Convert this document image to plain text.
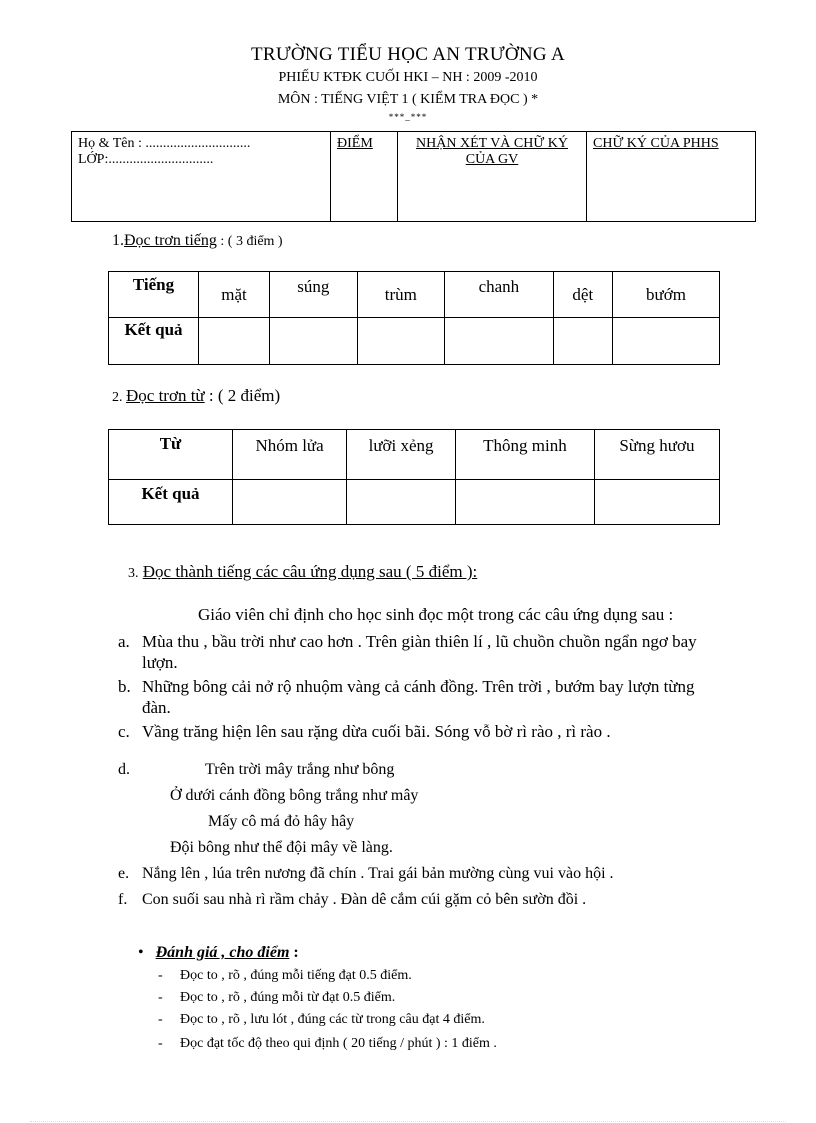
TRƯỜNG TIỂU HỌC AN TRƯỜNG A
PHIẾU KTĐK CUỐI HKI – NH : 2009 -2010
MÔN : TIẾNG VIỆT 1 ( KIỂM TRA ĐỌC ) *
***_***
Họ & Tên : ..............................
LỚP:..............................
	ĐIỂM	NHẬN XÉT VÀ CHỮ KÝ CỦA GV	CHỮ KÝ CỦA PHHS
1.Đọc trơn tiếng : ( 3 điểm )
Tiếng	mặt	súng	trùm	chanh	dệt	bướm
Kết quả						
2. Đọc trơn từ : ( 2 điểm)
Từ	Nhóm lửa	lưỡi xẻng	Thông minh	Sừng hươu
Kết quả				
3. Đọc thành tiếng các câu ứng dụng sau ( 5 điểm ):
Giáo viên chỉ định cho học sinh đọc một trong các câu ứng dụng sau :
a. Mùa thu , bầu trời như cao hơn . Trên giàn thiên lí , lũ chuồn chuồn ngẩn ngơ bay
lượn.
b. Những bông cải nở rộ nhuộm vàng cả cánh đồng. Trên trời , bướm bay lượn từng
đàn.
c. Vầng trăng hiện lên sau rặng dừa cuối bãi. Sóng vỗ bờ rì rào , rì rào .
d.	Trên trời mây trắng như bông
Ở dưới cánh đồng bông trắng như mây
Mấy cô má đỏ hây hây
Đội bông như thể đội mây về làng.
e. Nắng lên , lúa trên nương đã chín . Trai gái bản mường cùng vui vào hội .
f. Con suối sau nhà rì rầm chảy . Đàn dê cắm cúi gặm cỏ bên sườn đồi .
• Đánh giá , cho điểm :
- Đọc to , rõ , đúng mỗi tiếng đạt 0.5 điểm.
- Đọc to , rõ , đúng mỗi từ đạt 0.5 điểm.
- Đọc to , rõ , lưu lót , đúng các từ trong câu đạt 4 điểm.
- Đọc đạt tốc độ theo qui định ( 20 tiếng / phút ) : 1 điểm .
